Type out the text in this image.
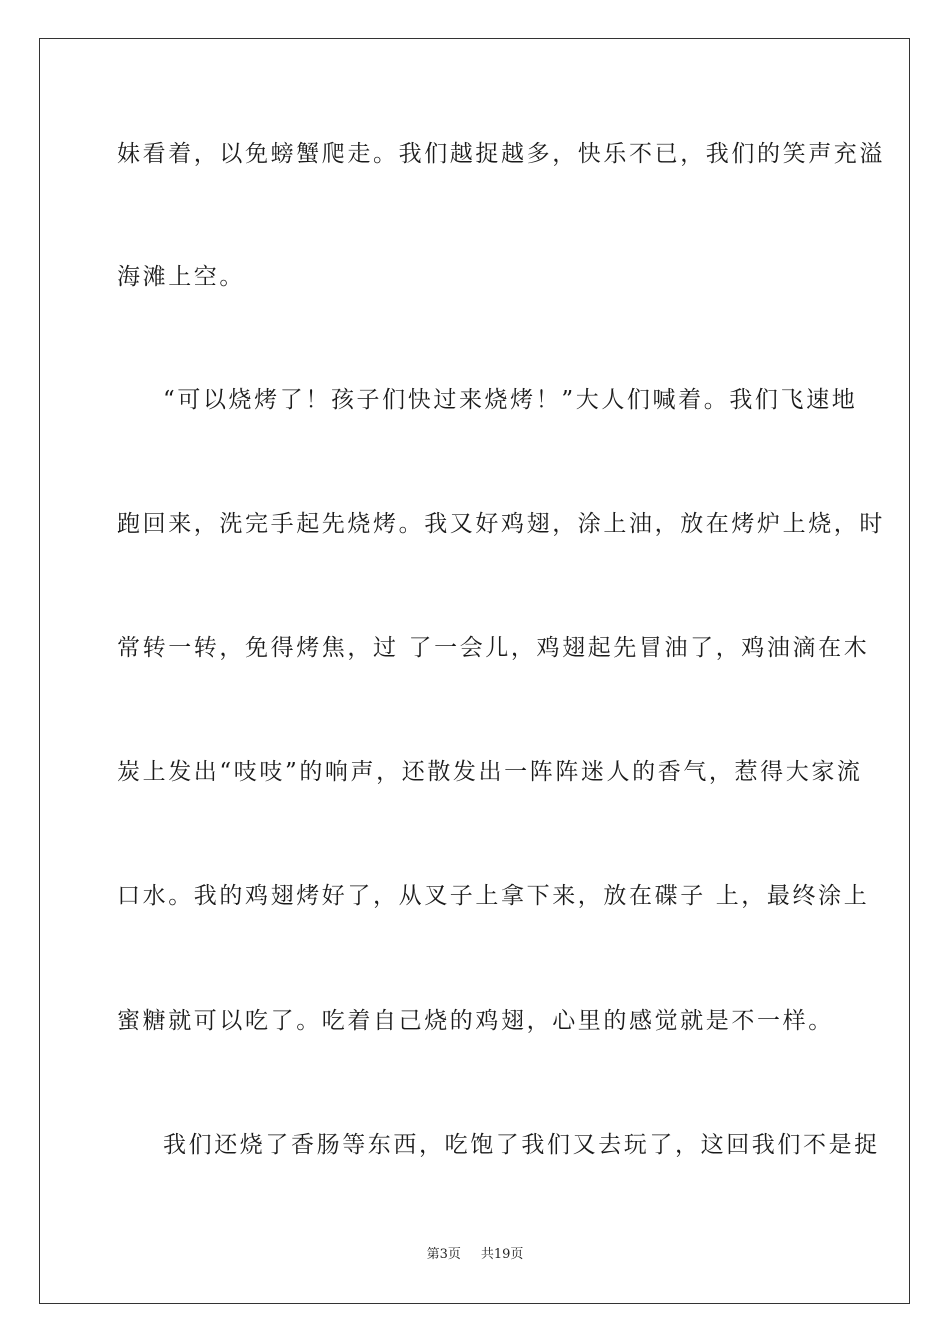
妹看着，以免螃蟹爬走。我们越捉越多，快乐不已，我们的笑声充溢
海滩上空。
“可以烧烤了！孩子们快过来烧烤！”大人们喊着。我们飞速地
跑回来，洗完手起先烧烤。我又好鸡翅，涂上油，放在烤炉上烧，时
常转一转，免得烤焦，过 了一会儿，鸡翅起先冒油了，鸡油滴在木
炭上发出“吱吱”的响声，还散发出一阵阵迷人的香气，惹得大家流
口水。我的鸡翅烤好了，从叉子上拿下来，放在碟子 上，最终涂上
蜜糖就可以吃了。吃着自己烧的鸡翅，心里的感觉就是不一样。
我们还烧了香肠等东西，吃饱了我们又去玩了，这回我们不是捉
第3页 共19页
